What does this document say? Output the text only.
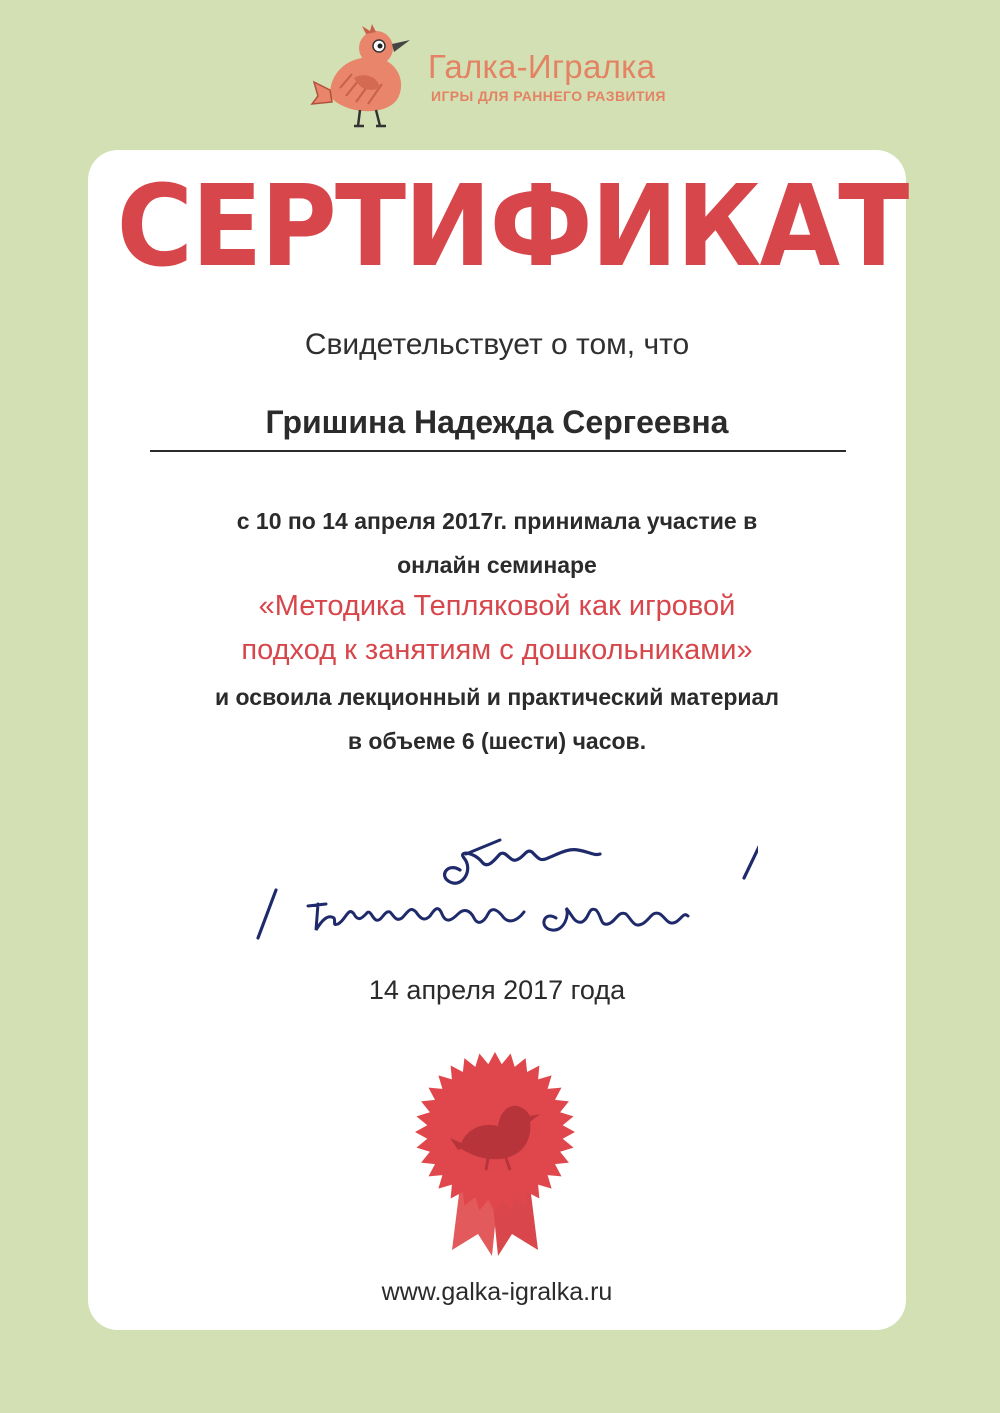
Галка-Игралка
ИГРЫ ДЛЯ РАННЕГО РАЗВИТИЯ
СЕРТИФИКАТ
Свидетельствует о том, что
Гришина Надежда Сергеевна
с 10 по 14 апреля 2017г. принимала участие в
онлайн семинаре
«Методика Тепляковой как игровой
подход к занятиям с дошкольниками»
и освоила лекционный и практический материал
в объеме 6 (шести) часов.
14 апреля 2017 года
www.galka-igralka.ru
